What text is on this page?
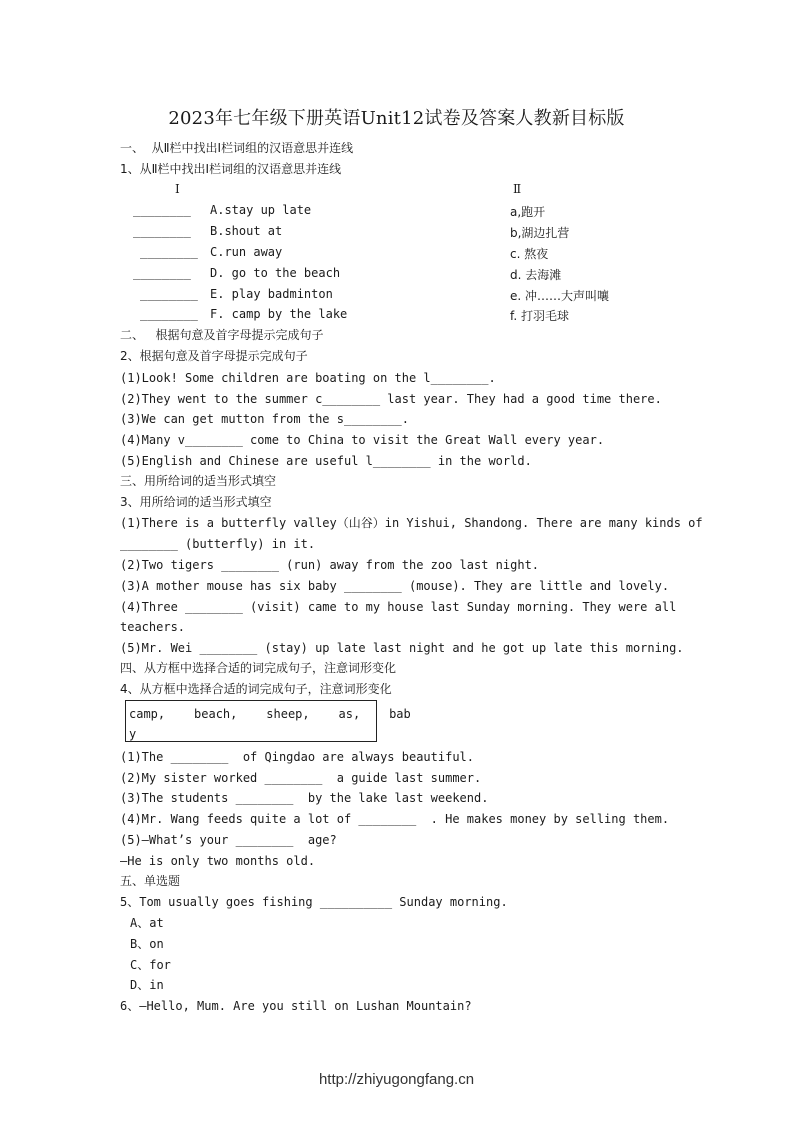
2023年七年级下册英语Unit12试卷及答案人教新目标版
一、  从Ⅱ栏中找出Ⅰ栏词组的汉语意思并连线
1、从Ⅱ栏中找出Ⅰ栏词组的汉语意思并连线
Ⅰ	Ⅱ
________ A.stay up late	a,跑开
________ B.shout at	b,湖边扎营
________ C.run away	c. 熬夜
________ D. go to the beach	d. 去海滩
________ E. play badminton	e. 冲……大声叫嚷
________ F. camp by the lake	f. 打羽毛球
二、   根据句意及首字母提示完成句子
2、根据句意及首字母提示完成句子
(1)Look! Some children are boating on the l________.
(2)They went to the summer c________ last year. They had a good time there.
(3)We can get mutton from the s________.
(4)Many v________ come to China to visit the Great Wall every year.
(5)English and Chinese are useful l________ in the world.
三、用所给词的适当形式填空
3、用所给词的适当形式填空
(1)There is a butterfly valley（山谷）in Yishui, Shandong. There are many kinds of
________ (butterfly) in it.
(2)Two tigers ________ (run) away from the zoo last night.
(3)A mother mouse has six baby ________ (mouse). They are little and lovely.
(4)Three ________ (visit) came to my house last Sunday morning. They were all
teachers.
(5)Mr. Wei ________ (stay) up late last night and he got up late this morning.
四、从方框中选择合适的词完成句子，注意词形变化
4、从方框中选择合适的词完成句子，注意词形变化
camp,    beach,    sheep,    as,    bab
y
(1)The ________  of Qingdao are always beautiful.
(2)My sister worked ________  a guide last summer.
(3)The students ________  by the lake last weekend.
(4)Mr. Wang feeds quite a lot of ________  . He makes money by selling them.
(5)—What’s your ________  age?
—He is only two months old.
五、单选题
5、Tom usually goes fishing __________ Sunday morning.
A、at
B、on
C、for
D、in
6、—Hello, Mum. Are you still on Lushan Mountain?
http://zhiyugongfang.cn
